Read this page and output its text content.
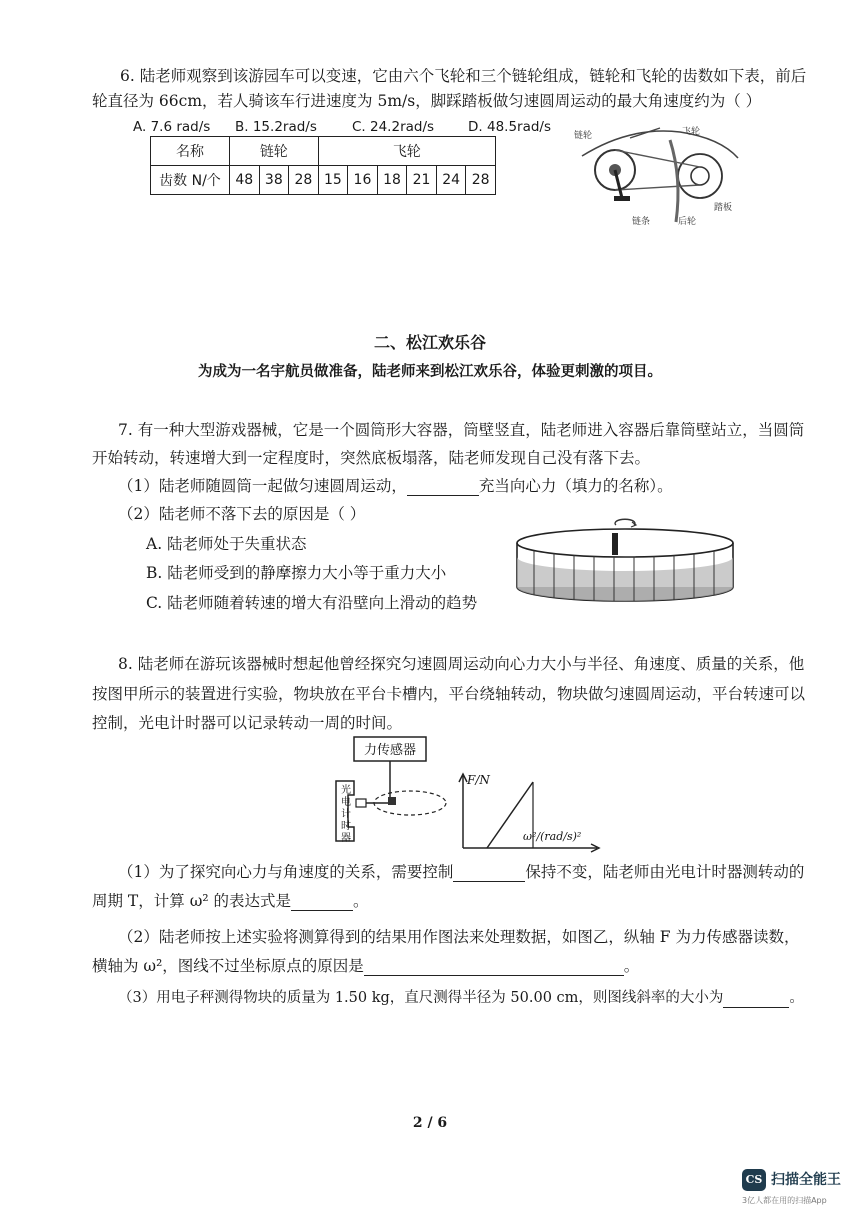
6. 陆老师观察到该游园车可以变速，它由六个飞轮和三个链轮组成，链轮和飞轮的齿数如下表，前后
轮直径为 66cm，若人骑该车行进速度为 5m/s，脚踩踏板做匀速圆周运动的最大角速度约为（ ）
A. 7.6 rad/s B. 15.2rad/s	C. 24.2rad/s	D. 48.5rad/s
名称	链轮			飞轮					
齿数 N/个	48	38	28	15	16	18	21	24	28
链轮	飞轮
踏板
链条	后轮
二、松江欢乐谷
为成为一名宇航员做准备，陆老师来到松江欢乐谷，体验更刺激的项目。
7. 有一种大型游戏器械，它是一个圆筒形大容器，筒壁竖直，陆老师进入容器后靠筒壁站立，当圆筒
开始转动，转速增大到一定程度时，突然底板塌落，陆老师发现自己没有落下去。
（1）陆老师随圆筒一起做匀速圆周运动，	充当向心力（填力的名称）。
（2）陆老师不落下去的原因是（ ）
A. 陆老师处于失重状态
B. 陆老师受到的静摩擦力大小等于重力大小
C. 陆老师随着转速的增大有沿壁向上滑动的趋势
8. 陆老师在游玩该器械时想起他曾经探究匀速圆周运动向心力大小与半径、角速度、质量的关系，他
按图甲所示的装置进行实验，物块放在平台卡槽内，平台绕轴转动，物块做匀速圆周运动，平台转速可以
控制，光电计时器可以记录转动一周的时间。
力传感器
光
电
计
时
器
F/N
ω²/(rad/s)²
（1）为了探究向心力与角速度的关系，需要控制	保持不变，陆老师由光电计时器测转动的
周期 T，计算 ω² 的表达式是	。
（2）陆老师按上述实验将测算得到的结果用作图法来处理数据，如图乙，纵轴 F 为力传感器读数，
横轴为 ω²，图线不过坐标原点的原因是	。
（3）用电子秤测得物块的质量为 1.50 kg，直尺测得半径为 50.00 cm，则图线斜率的大小为	。
2 / 6
CS 扫描全能王
3亿人都在用的扫描App
